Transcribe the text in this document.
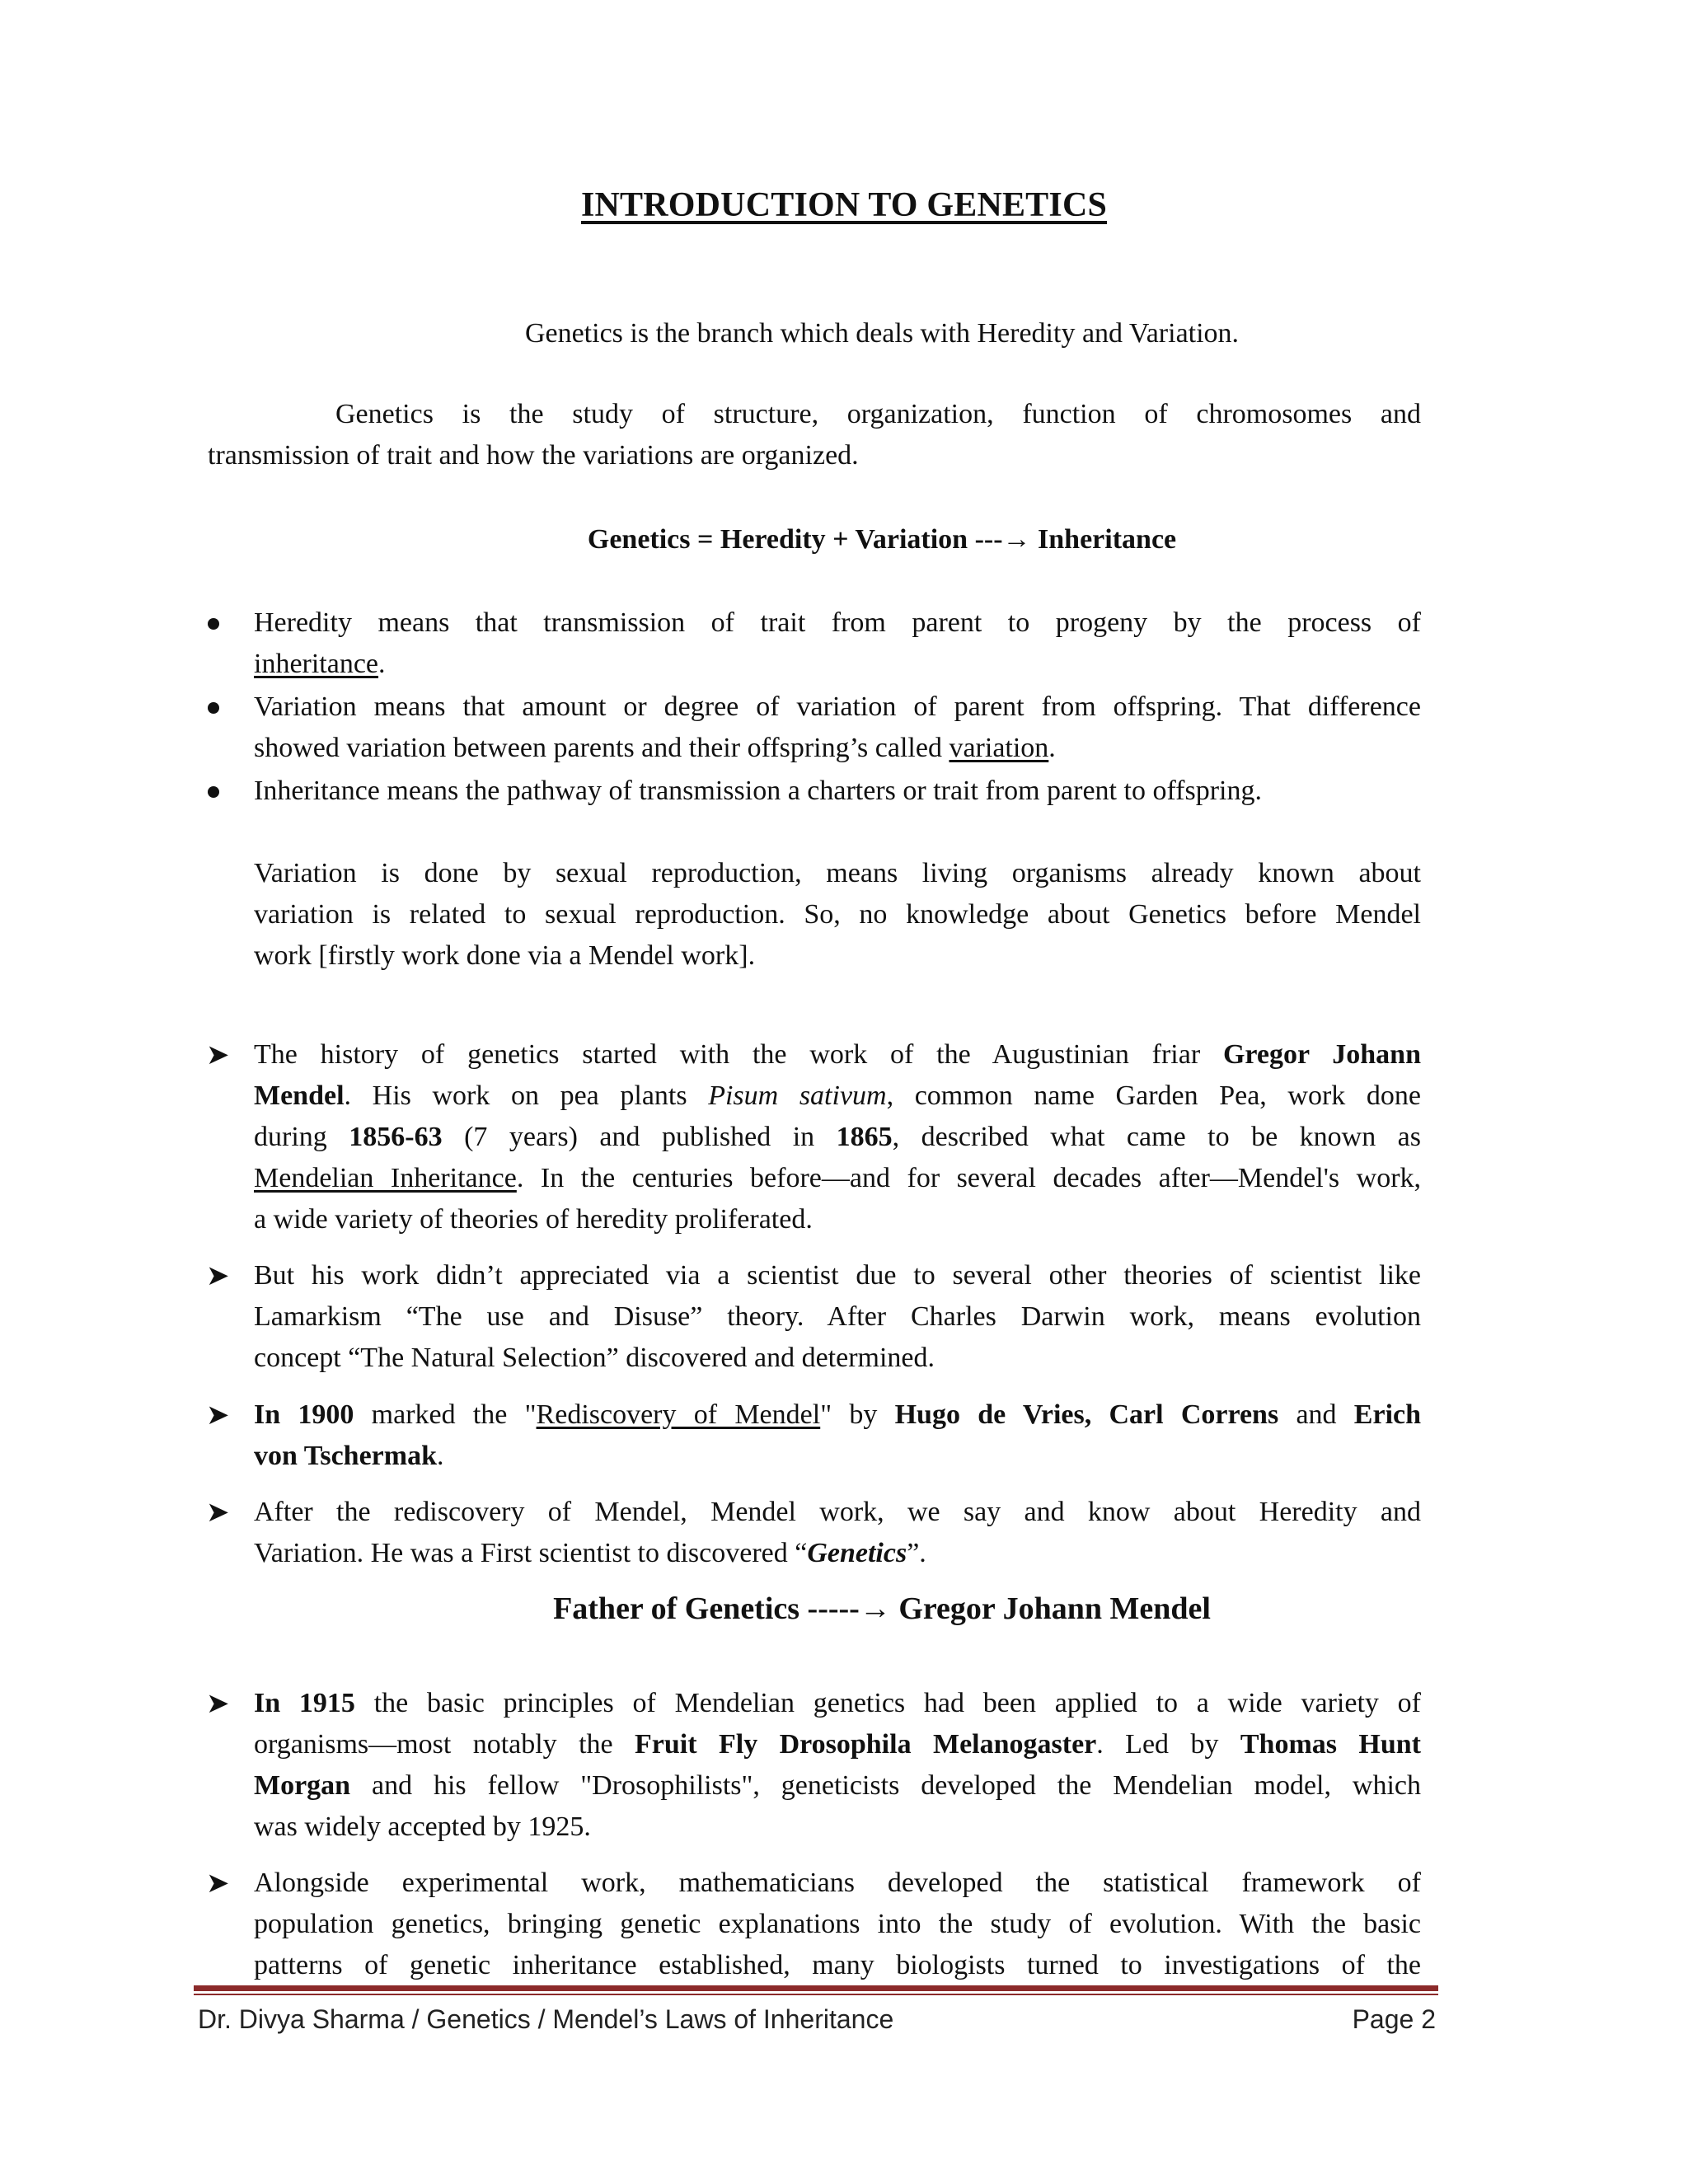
INTRODUCTION TO GENETICS
Genetics is the branch which deals with Heredity and Variation.
Genetics is the study of structure, organization, function of chromosomes and
transmission of trait and how the variations are organized.
Genetics = Heredity + Variation ---→ Inheritance
Heredity means that transmission of trait from parent to progeny by the process of
inheritance.
Variation means that amount or degree of variation of parent from offspring. That difference
showed variation between parents and their offspring’s called variation.
Inheritance means the pathway of transmission a charters or trait from parent to offspring.
Variation is done by sexual reproduction, means living organisms already known about
variation is related to sexual reproduction. So, no knowledge about Genetics before Mendel
work [firstly work done via a Mendel work].
➤ The history of genetics started with the work of the Augustinian friar Gregor Johann
Mendel. His work on pea plants Pisum sativum, common name Garden Pea, work done
during 1856-63 (7 years) and published in 1865, described what came to be known as
Mendelian Inheritance. In the centuries before—and for several decades after—Mendel's work,
a wide variety of theories of heredity proliferated.
➤ But his work didn’t appreciated via a scientist due to several other theories of scientist like
Lamarkism “The use and Disuse” theory. After Charles Darwin work, means evolution
concept “The Natural Selection” discovered and determined.
➤ In 1900 marked the "Rediscovery of Mendel" by Hugo de Vries, Carl Correns and Erich
von Tschermak.
➤ After the rediscovery of Mendel, Mendel work, we say and know about Heredity and
Variation. He was a First scientist to discovered “Genetics”.
Father of Genetics -----→ Gregor Johann Mendel
➤ In 1915 the basic principles of Mendelian genetics had been applied to a wide variety of
organisms—most notably the Fruit Fly Drosophila Melanogaster. Led by Thomas Hunt
Morgan and his fellow "Drosophilists", geneticists developed the Mendelian model, which
was widely accepted by 1925.
➤ Alongside experimental work, mathematicians developed the statistical framework of
population genetics, bringing genetic explanations into the study of evolution. With the basic
patterns of genetic inheritance established, many biologists turned to investigations of the
Dr. Divya Sharma / Genetics / Mendel’s Laws of Inheritance	Page 2
